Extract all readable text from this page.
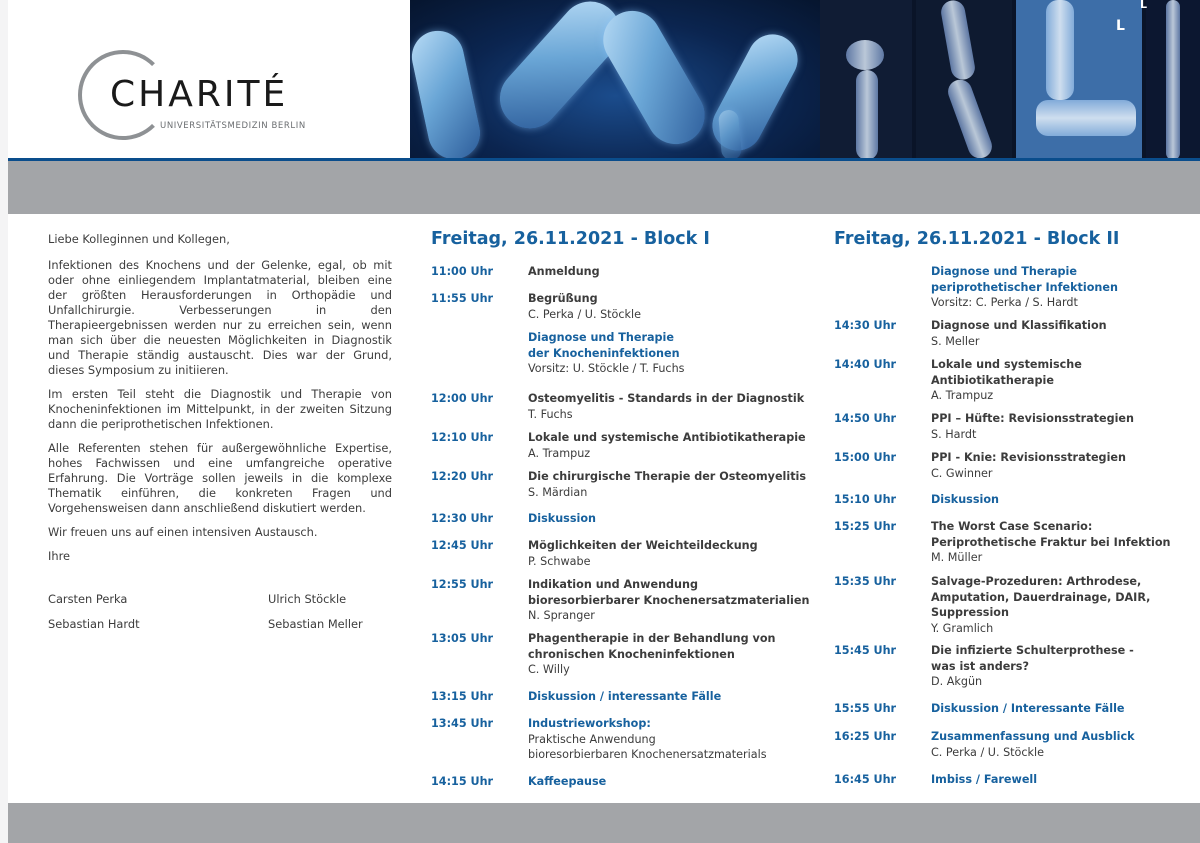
CHARITÉ
UNIVERSITÄTSMEDIZIN BERLIN
L
L

Liebe Kolleginnen und Kollegen,

Infektionen des Knochens und der Gelenke, egal, ob mit oder ohne einliegendem Implantatmaterial, bleiben eine der größten Herausforderungen in Orthopädie und Unfallchirurgie. Verbesserungen in den Therapieergebnissen werden nur zu erreichen sein, wenn man sich über die neuesten Möglichkeiten in Diagnostik und Therapie ständig austauscht. Dies war der Grund, dieses Symposium zu initiieren.

Im ersten Teil steht die Diagnostik und Therapie von Knocheninfektionen im Mittelpunkt, in der zweiten Sitzung dann die periprothetischen Infektionen.

Alle Referenten stehen für außergewöhnliche Expertise, hohes Fachwissen und eine umfangreiche operative Erfahrung. Die Vorträge sollen jeweils in die komplexe Thematik einführen, die konkreten Fragen und Vorgehensweisen dann anschließend diskutiert werden.

Wir freuen uns auf einen intensiven Austausch.

Ihre

Carsten Perka	Ulrich Stöckle
Sebastian Hardt	Sebastian Meller
Freitag, 26.11.2021 - Block I
11:00 Uhr	Anmeldung
11:55 Uhr	Begrüßung
C. Perka / U. Stöckle
Diagnose und Therapie
der Knocheninfektionen
Vorsitz: U. Stöckle / T. Fuchs
12:00 Uhr	Osteomyelitis - Standards in der Diagnostik
T. Fuchs
12:10 Uhr	Lokale und systemische Antibiotikatherapie
A. Trampuz
12:20 Uhr	Die chirurgische Therapie der Osteomyelitis
S. Märdian
12:30 Uhr	Diskussion
12:45 Uhr	Möglichkeiten der Weichteildeckung
P. Schwabe
12:55 Uhr	Indikation und Anwendung
bioresorbierbarer Knochenersatzmaterialien
N. Spranger
13:05 Uhr	Phagentherapie in der Behandlung von
chronischen Knocheninfektionen
C. Willy
13:15 Uhr	Diskussion / interessante Fälle
13:45 Uhr	Industrieworkshop:
Praktische Anwendung
bioresorbierbaren Knochenersatzmaterials
14:15 Uhr	Kaffeepause
Freitag, 26.11.2021 - Block II
Diagnose und Therapie
periprothetischer Infektionen
Vorsitz: C. Perka / S. Hardt
14:30 Uhr	Diagnose und Klassifikation
S. Meller
14:40 Uhr	Lokale und systemische
Antibiotikatherapie
A. Trampuz
14:50 Uhr	PPI – Hüfte: Revisionsstrategien
S. Hardt
15:00 Uhr	PPI - Knie: Revisionsstrategien
C. Gwinner
15:10 Uhr	Diskussion
15:25 Uhr	The Worst Case Scenario:
Periprothetische Fraktur bei Infektion
M. Müller
15:35 Uhr	Salvage-Prozeduren: Arthrodese,
Amputation, Dauerdrainage, DAIR,
Suppression
Y. Gramlich
15:45 Uhr	Die infizierte Schulterprothese -
was ist anders?
D. Akgün
15:55 Uhr	Diskussion / Interessante Fälle
16:25 Uhr	Zusammenfassung und Ausblick
C. Perka / U. Stöckle
16:45 Uhr	Imbiss / Farewell
